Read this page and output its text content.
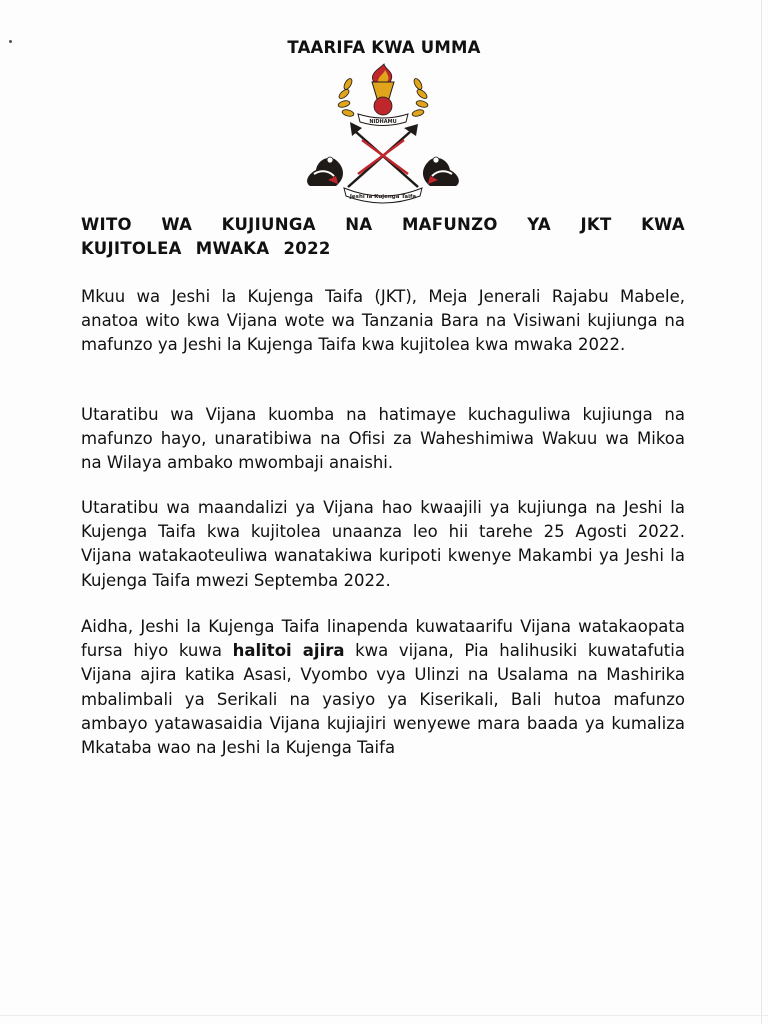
TAARIFA KWA UMMA
NIDHAMU
Jeshi la Kujenga Taifa
WITO WA KUJIUNGA NA MAFUNZO YA JKT KWA
KUJITOLEA MWAKA 2022

Mkuu wa Jeshi la Kujenga Taifa (JKT), Meja Jenerali Rajabu Mabele, anatoa wito kwa Vijana wote wa Tanzania Bara na Visiwani kujiunga na mafunzo ya Jeshi la Kujenga Taifa kwa kujitolea kwa mwaka 2022.

Utaratibu wa Vijana kuomba na hatimaye kuchaguliwa kujiunga na mafunzo hayo, unaratibiwa na Ofisi za Waheshimiwa Wakuu wa Mikoa na Wilaya ambako mwombaji anaishi.

Utaratibu wa maandalizi ya Vijana hao kwaajili ya kujiunga na Jeshi la Kujenga Taifa kwa kujitolea unaanza leo hii tarehe 25 Agosti 2022. Vijana watakaoteuliwa wanatakiwa kuripoti kwenye Makambi ya Jeshi la Kujenga Taifa mwezi Septemba 2022.

Aidha, Jeshi la Kujenga Taifa linapenda kuwataarifu Vijana watakaopata fursa hiyo kuwa halitoi ajira kwa vijana, Pia halihusiki kuwatafutia Vijana ajira katika Asasi, Vyombo vya Ulinzi na Usalama na Mashirika mbalimbali ya Serikali na yasiyo ya Kiserikali, Bali hutoa mafunzo ambayo yatawasaidia Vijana kujiajiri wenyewe mara baada ya kumaliza Mkataba wao na Jeshi la Kujenga Taifa
